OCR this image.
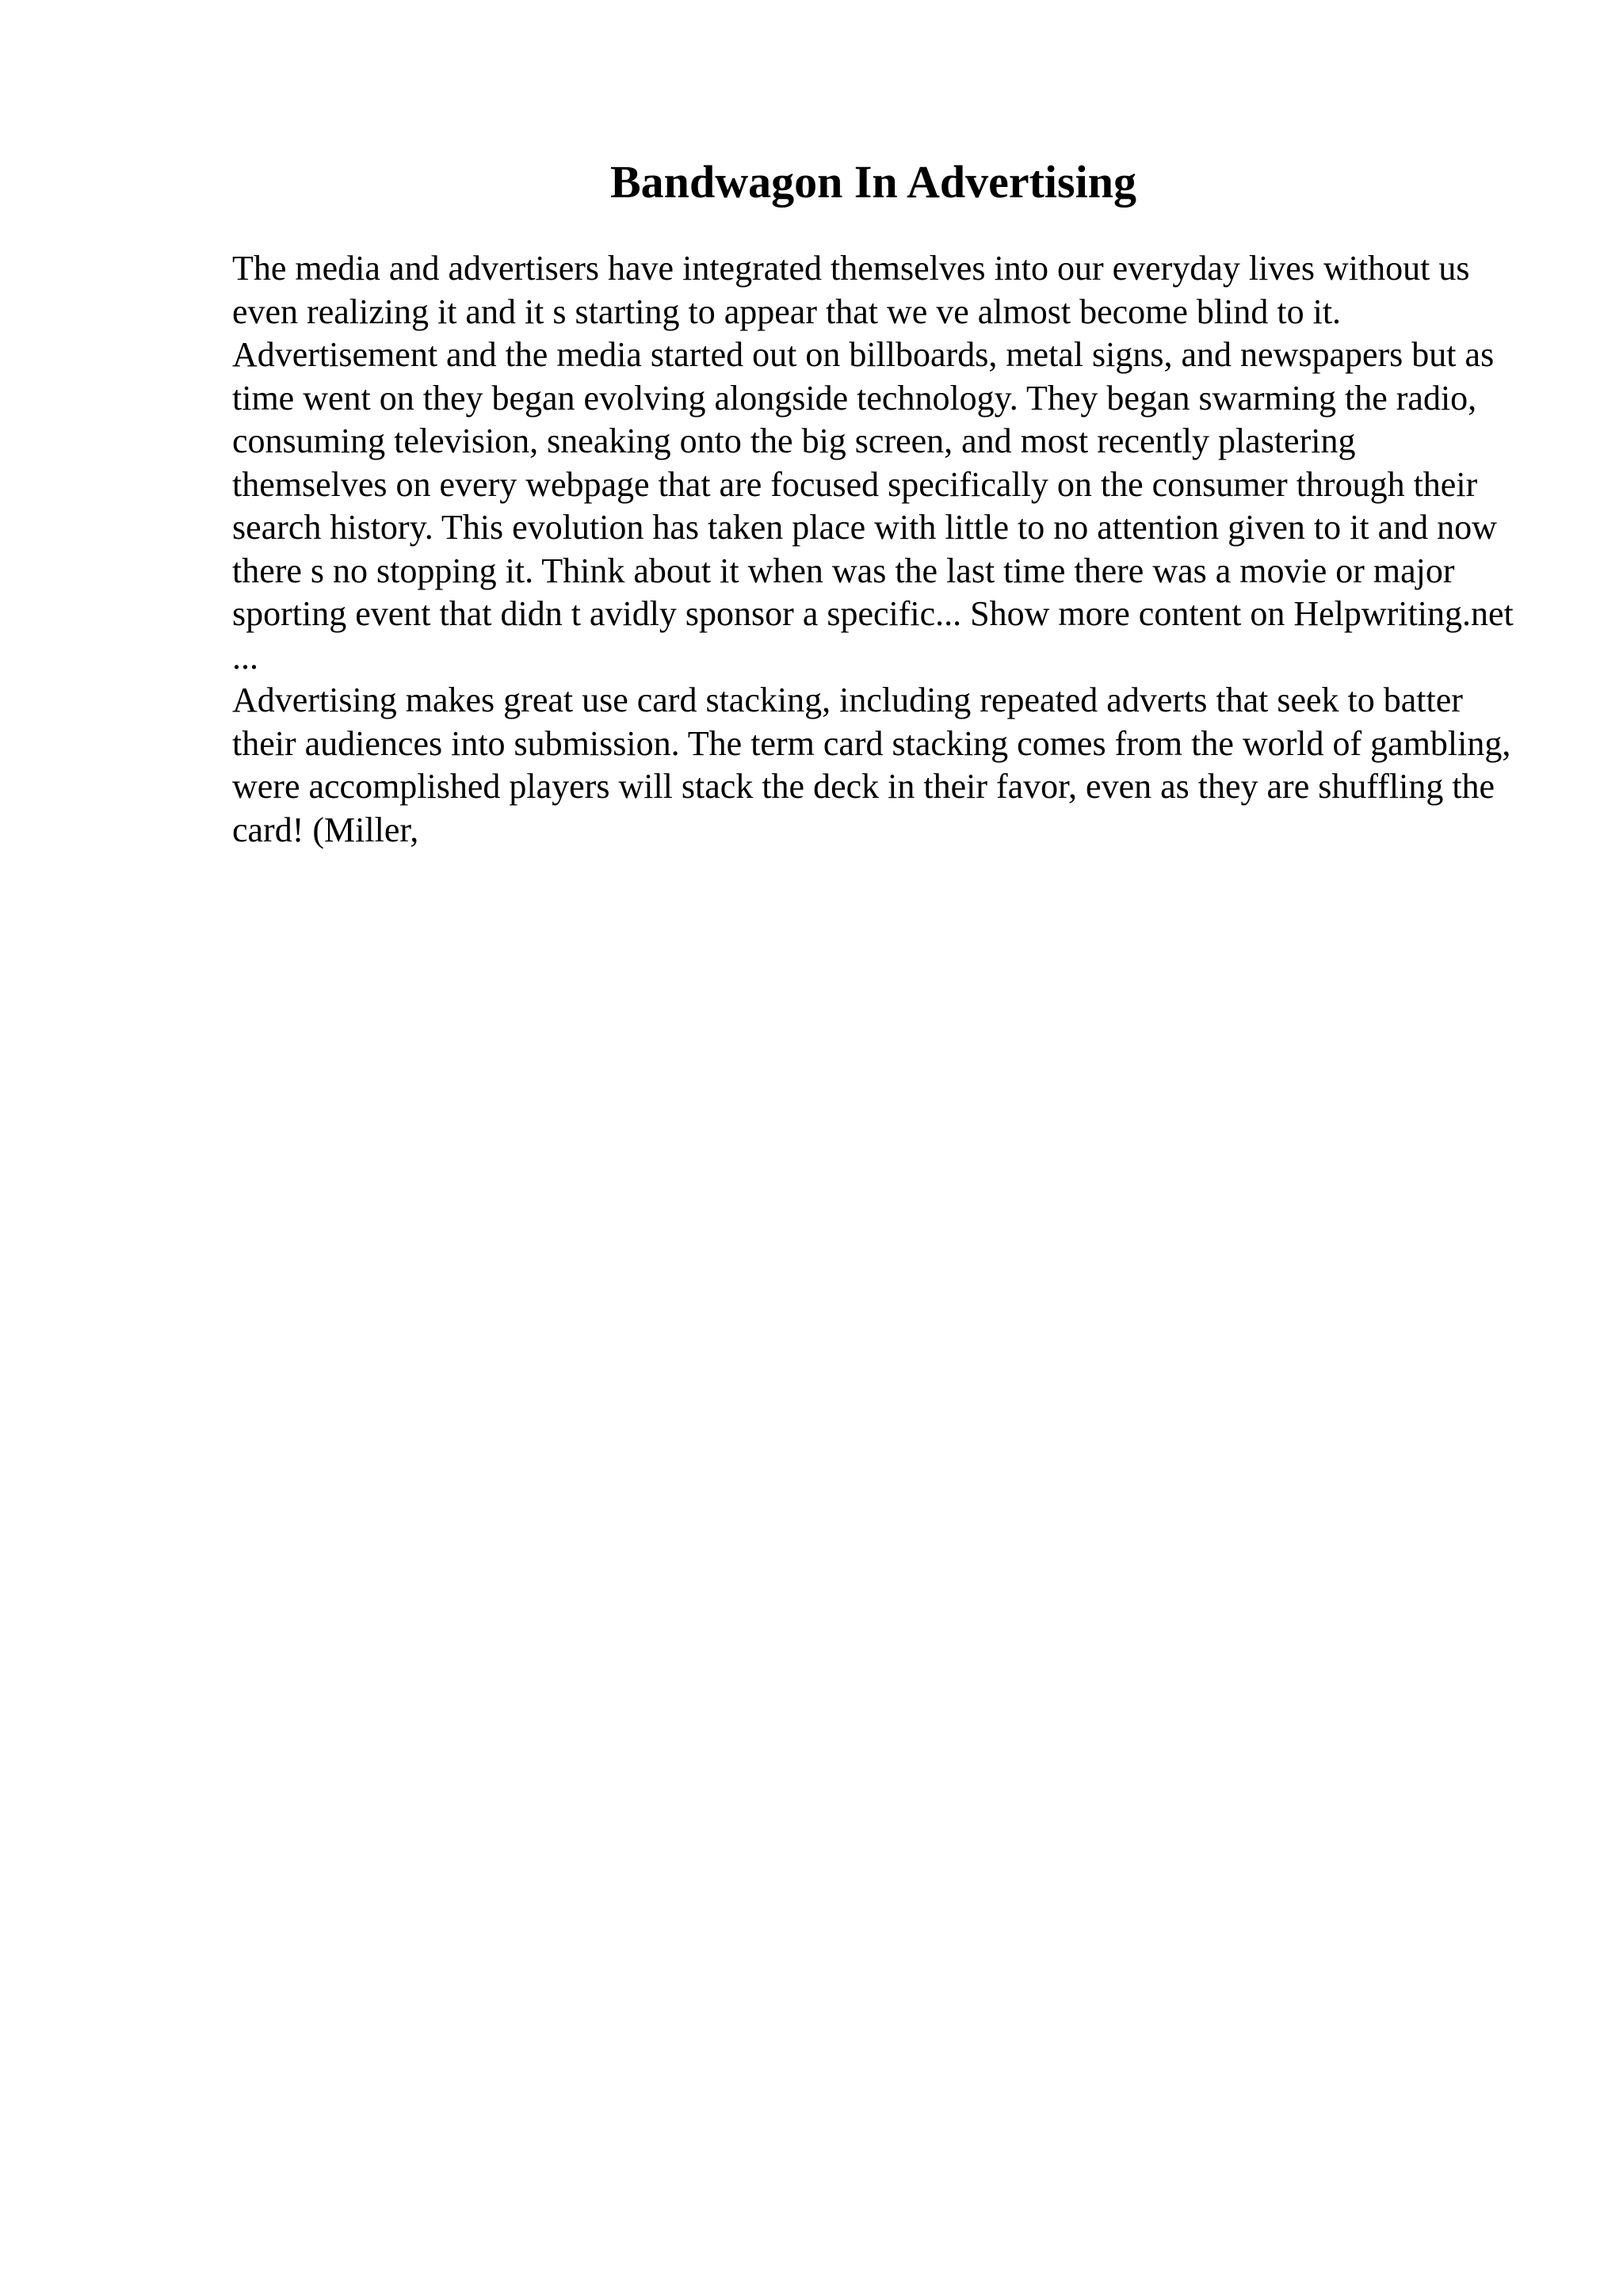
Bandwagon In Advertising

The media and advertisers have integrated themselves into our everyday lives without us even realizing it and it s starting to appear that we ve almost become blind to it. Advertisement and the media started out on billboards, metal signs, and newspapers but as time went on they began evolving alongside technology. They began swarming the radio, consuming television, sneaking onto the big screen, and most recently plastering themselves on every webpage that are focused specifically on the consumer through their search history. This evolution has taken place with little to no attention given to it and now there s no stopping it. Think about it when was the last time there was a movie or major sporting event that didn t avidly sponsor a specific... Show more content on Helpwriting.net ...

Advertising makes great use card stacking, including repeated adverts that seek to batter their audiences into submission. The term card stacking comes from the world of gambling, were accomplished players will stack the deck in their favor, even as they are shuffling the card! (Miller,
